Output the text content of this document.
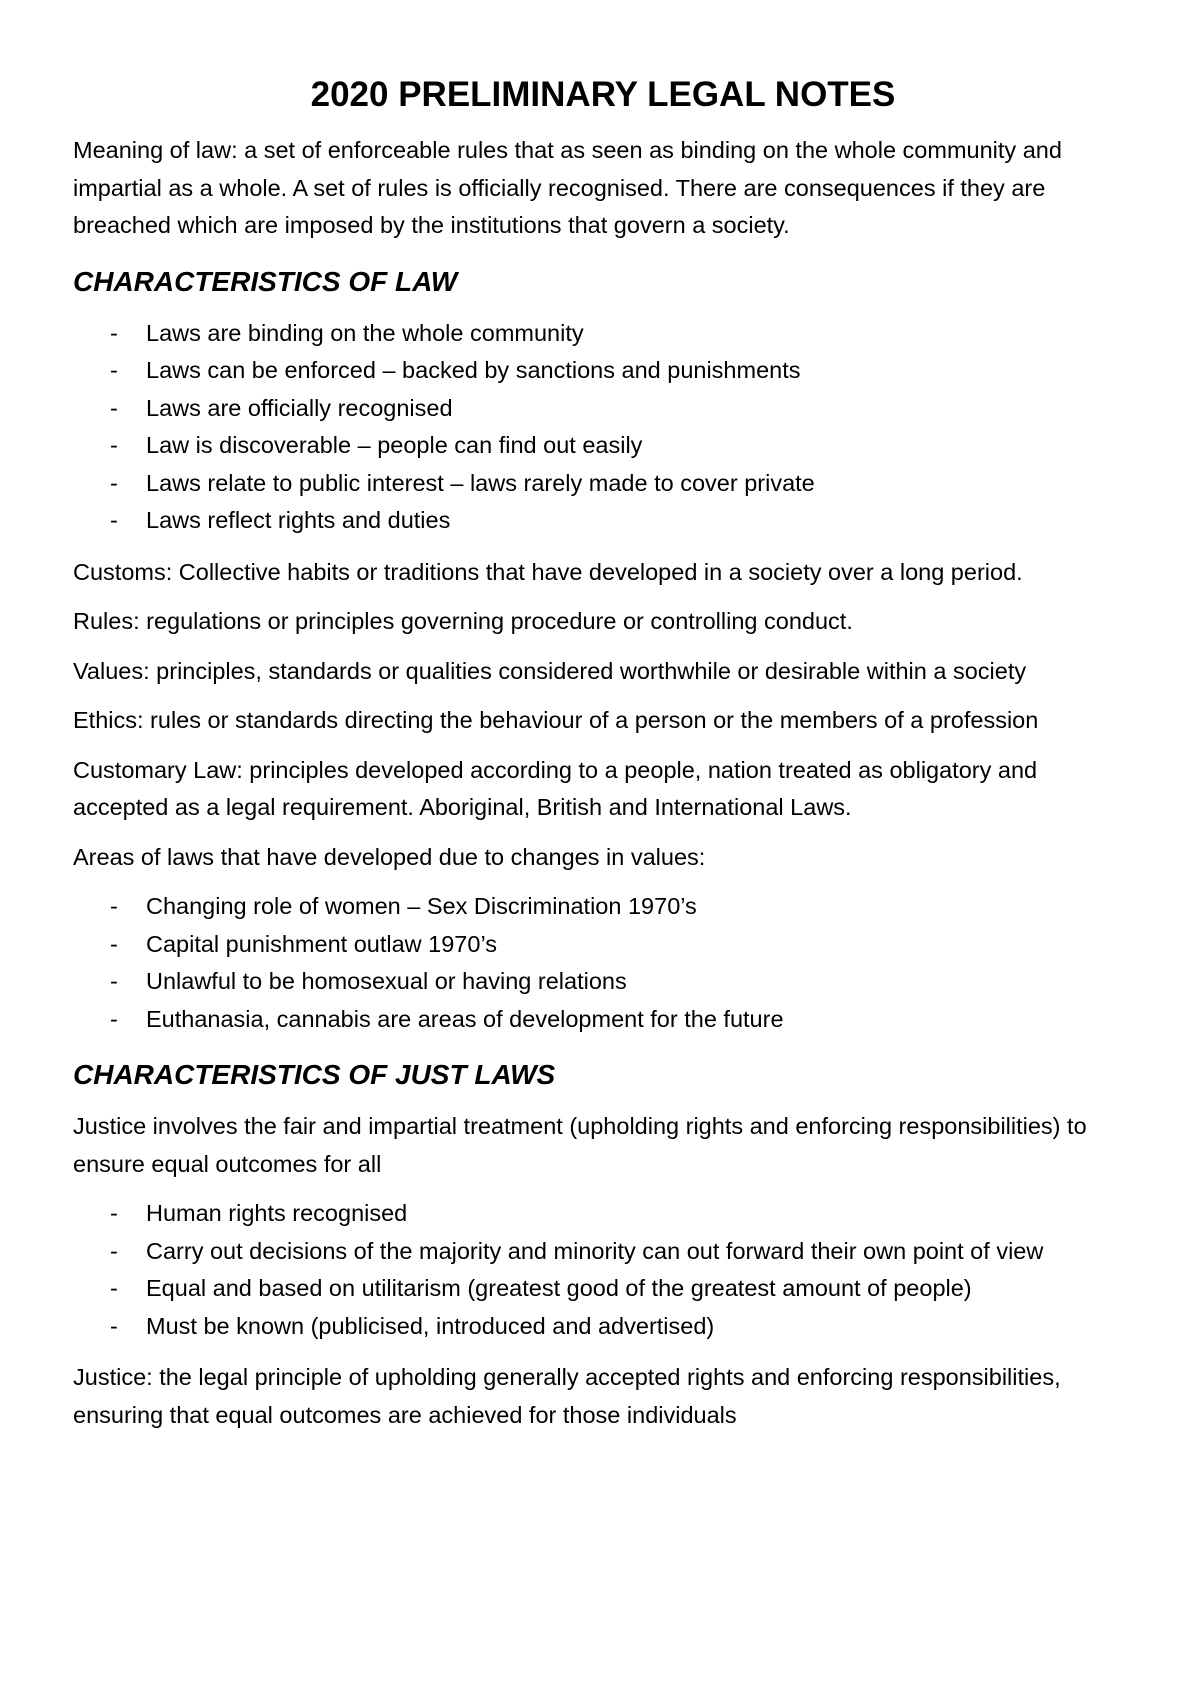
2020 PRELIMINARY LEGAL NOTES

Meaning of law: a set of enforceable rules that as seen as binding on the whole community and impartial as a whole. A set of rules is officially recognised. There are consequences if they are breached which are imposed by the institutions that govern a society.

CHARACTERISTICS OF LAW
- Laws are binding on the whole community
- Laws can be enforced – backed by sanctions and punishments
- Laws are officially recognised
- Law is discoverable – people can find out easily
- Laws relate to public interest – laws rarely made to cover private
- Laws reflect rights and duties

Customs: Collective habits or traditions that have developed in a society over a long period.

Rules: regulations or principles governing procedure or controlling conduct.

Values: principles, standards or qualities considered worthwhile or desirable within a society

Ethics: rules or standards directing the behaviour of a person or the members of a profession

Customary Law: principles developed according to a people, nation treated as obligatory and accepted as a legal requirement. Aboriginal, British and International Laws.

Areas of laws that have developed due to changes in values:

- Changing role of women – Sex Discrimination 1970’s
- Capital punishment outlaw 1970’s
- Unlawful to be homosexual or having relations
- Euthanasia, cannabis are areas of development for the future
CHARACTERISTICS OF JUST LAWS

Justice involves the fair and impartial treatment (upholding rights and enforcing responsibilities) to ensure equal outcomes for all

- Human rights recognised
- Carry out decisions of the majority and minority can out forward their own point of view
- Equal and based on utilitarism (greatest good of the greatest amount of people)
- Must be known (publicised, introduced and advertised)

Justice: the legal principle of upholding generally accepted rights and enforcing responsibilities, ensuring that equal outcomes are achieved for those individuals
